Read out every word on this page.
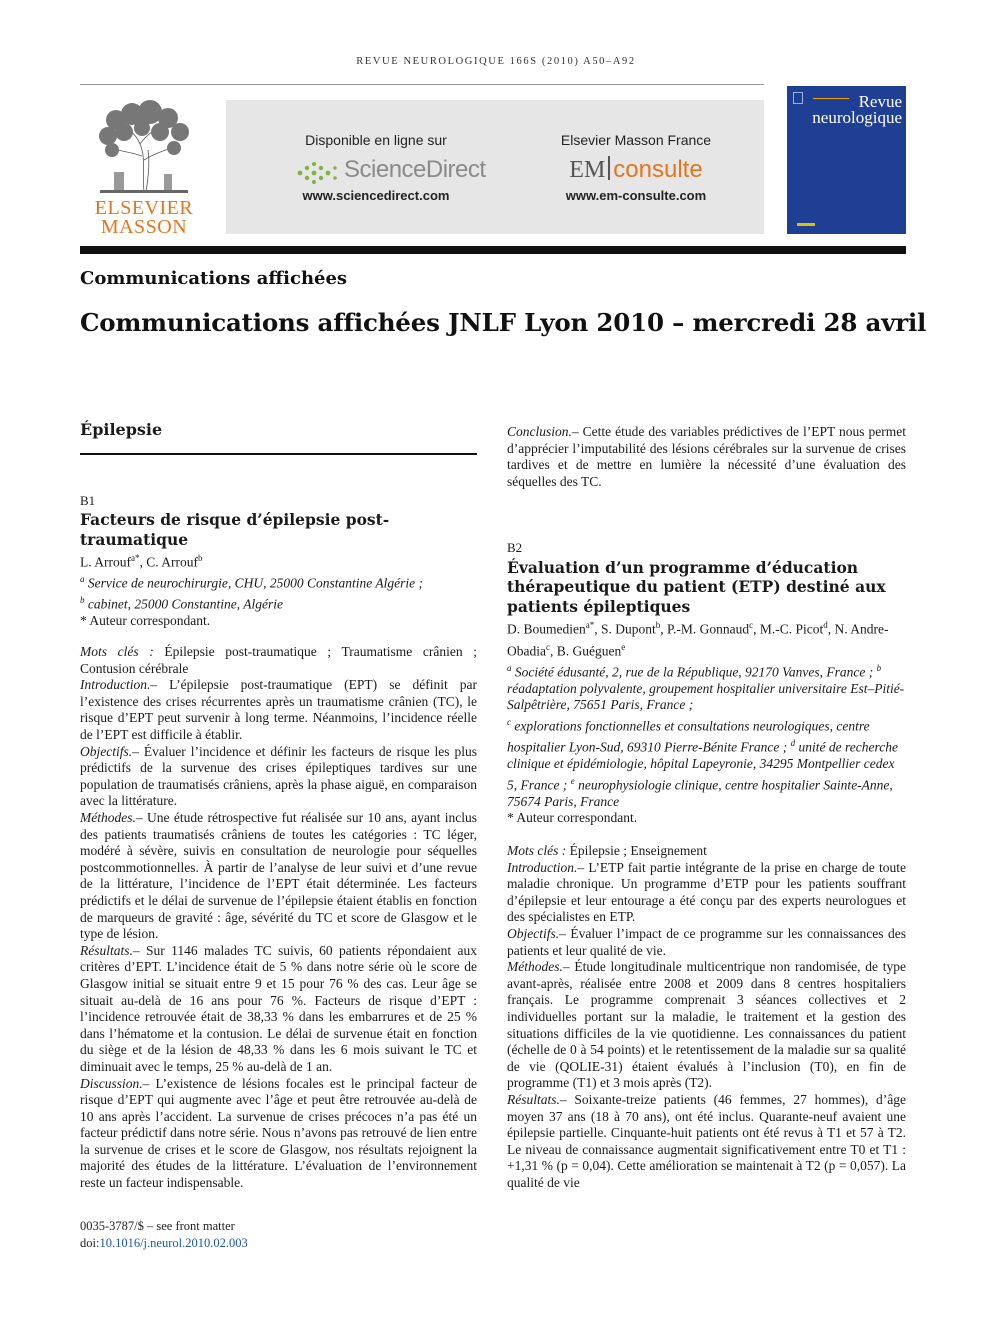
REVUE NEUROLOGIQUE 166S (2010) A50–A92
ELSEVIER
MASSON
Disponible en ligne sur
ScienceDirect
www.sciencedirect.com
Elsevier Masson France
EM consulte
www.em-consulte.com
Revue
neurologique
Communications affichées
Communications affichées JNLF Lyon 2010 – mercredi 28 avril
Épilepsie
B1
Facteurs de risque d’épilepsie post-traumatique
L. Arrouf$^{a*}$, C. Arrouf$^b$
$^a$ Service de neurochirurgie, CHU, 25000 Constantine Algérie ;
$^b$ cabinet, 25000 Constantine, Algérie
* Auteur correspondant.

Mots clés : Épilepsie post-traumatique ; Traumatisme crânien ; Contusion cérébrale

Introduction.– L’épilepsie post-traumatique (EPT) se définit par l’existence des crises récurrentes après un traumatisme crânien (TC), le risque d’EPT peut survenir à long terme. Néanmoins, l’incidence réelle de l’EPT est difficile à établir.

Objectifs.– Évaluer l’incidence et définir les facteurs de risque les plus prédictifs de la survenue des crises épileptiques tardives sur une population de traumatisés crâniens, après la phase aiguë, en comparaison avec la littérature.

Méthodes.– Une étude rétrospective fut réalisée sur 10 ans, ayant inclus des patients traumatisés crâniens de toutes les catégories : TC léger, modéré à sévère, suivis en consultation de neurologie pour séquelles postcommotionnelles. À partir de l’analyse de leur suivi et d’une revue de la littérature, l’incidence de l’EPT était déterminée. Les facteurs prédictifs et le délai de survenue de l’épilepsie étaient établis en fonction de marqueurs de gravité : âge, sévérité du TC et score de Glasgow et le type de lésion.

Résultats.– Sur 1146 malades TC suivis, 60 patients répondaient aux critères d’EPT. L’incidence était de 5 % dans notre série où le score de Glasgow initial se situait entre 9 et 15 pour 76 % des cas. Leur âge se situait au-delà de 16 ans pour 76 %. Facteurs de risque d’EPT : l’incidence retrouvée était de 38,33 % dans les embarrures et de 25 % dans l’hématome et la contusion. Le délai de survenue était en fonction du siège et de la lésion de 48,33 % dans les 6 mois suivant le TC et diminuait avec le temps, 25 % au-delà de 1 an.

Discussion.– L’existence de lésions focales est le principal facteur de risque d’EPT qui augmente avec l’âge et peut être retrouvée au-delà de 10 ans après l’accident. La survenue de crises précoces n’a pas été un facteur prédictif dans notre série. Nous n’avons pas retrouvé de lien entre la survenue de crises et le score de Glasgow, nos résultats rejoignent la majorité des études de la littérature. L’évaluation de l’environnement reste un facteur indispensable.

Conclusion.– Cette étude des variables prédictives de l’EPT nous permet d’apprécier l’imputabilité des lésions cérébrales sur la survenue de crises tardives et de mettre en lumière la nécessité d’une évaluation des séquelles des TC.

B2
Évaluation d’un programme d’éducation thérapeutique du patient (ETP) destiné aux patients épileptiques
D. Boumedien$^{a*}$, S. Dupont$^b$, P.-M. Gonnaud$^c$, M.-C. Picot$^d$, N. Andre-Obadia$^c$, B. Guéguen$^e$
$^a$ Société édusanté, 2, rue de la République, 92170 Vanves, France ; $^b$ réadaptation polyvalente, groupement hospitalier universitaire Est–Pitié-Salpêtrière, 75651 Paris, France ;
$^c$ explorations fonctionnelles et consultations neurologiques, centre hospitalier Lyon-Sud, 69310 Pierre-Bénite France ; $^d$ unité de recherche clinique et épidémiologie, hôpital Lapeyronie, 34295 Montpellier cedex 5, France ; $^e$ neurophysiologie clinique, centre hospitalier Sainte-Anne, 75674 Paris, France
* Auteur correspondant.

Mots clés : Épilepsie ; Enseignement

Introduction.– L’ETP fait partie intégrante de la prise en charge de toute maladie chronique. Un programme d’ETP pour les patients souffrant d’épilepsie et leur entourage a été conçu par des experts neurologues et des spécialistes en ETP.

Objectifs.– Évaluer l’impact de ce programme sur les connaissances des patients et leur qualité de vie.

Méthodes.– Étude longitudinale multicentrique non randomisée, de type avant-après, réalisée entre 2008 et 2009 dans 8 centres hospitaliers français. Le programme comprenait 3 séances collectives et 2 individuelles portant sur la maladie, le traitement et la gestion des situations difficiles de la vie quotidienne. Les connaissances du patient (échelle de 0 à 54 points) et le retentissement de la maladie sur sa qualité de vie (QOLIE-31) étaient évalués à l’inclusion (T0), en fin de programme (T1) et 3 mois après (T2).

Résultats.– Soixante-treize patients (46 femmes, 27 hommes), d’âge moyen 37 ans (18 à 70 ans), ont été inclus. Quarante-neuf avaient une épilepsie partielle. Cinquante-huit patients ont été revus à T1 et 57 à T2. Le niveau de connaissance augmentait significativement entre T0 et T1 : +1,31 % (p = 0,04). Cette amélioration se maintenait à T2 (p = 0,057). La qualité de vie

0035-3787/$ – see front matter
doi:10.1016/j.neurol.2010.02.003
